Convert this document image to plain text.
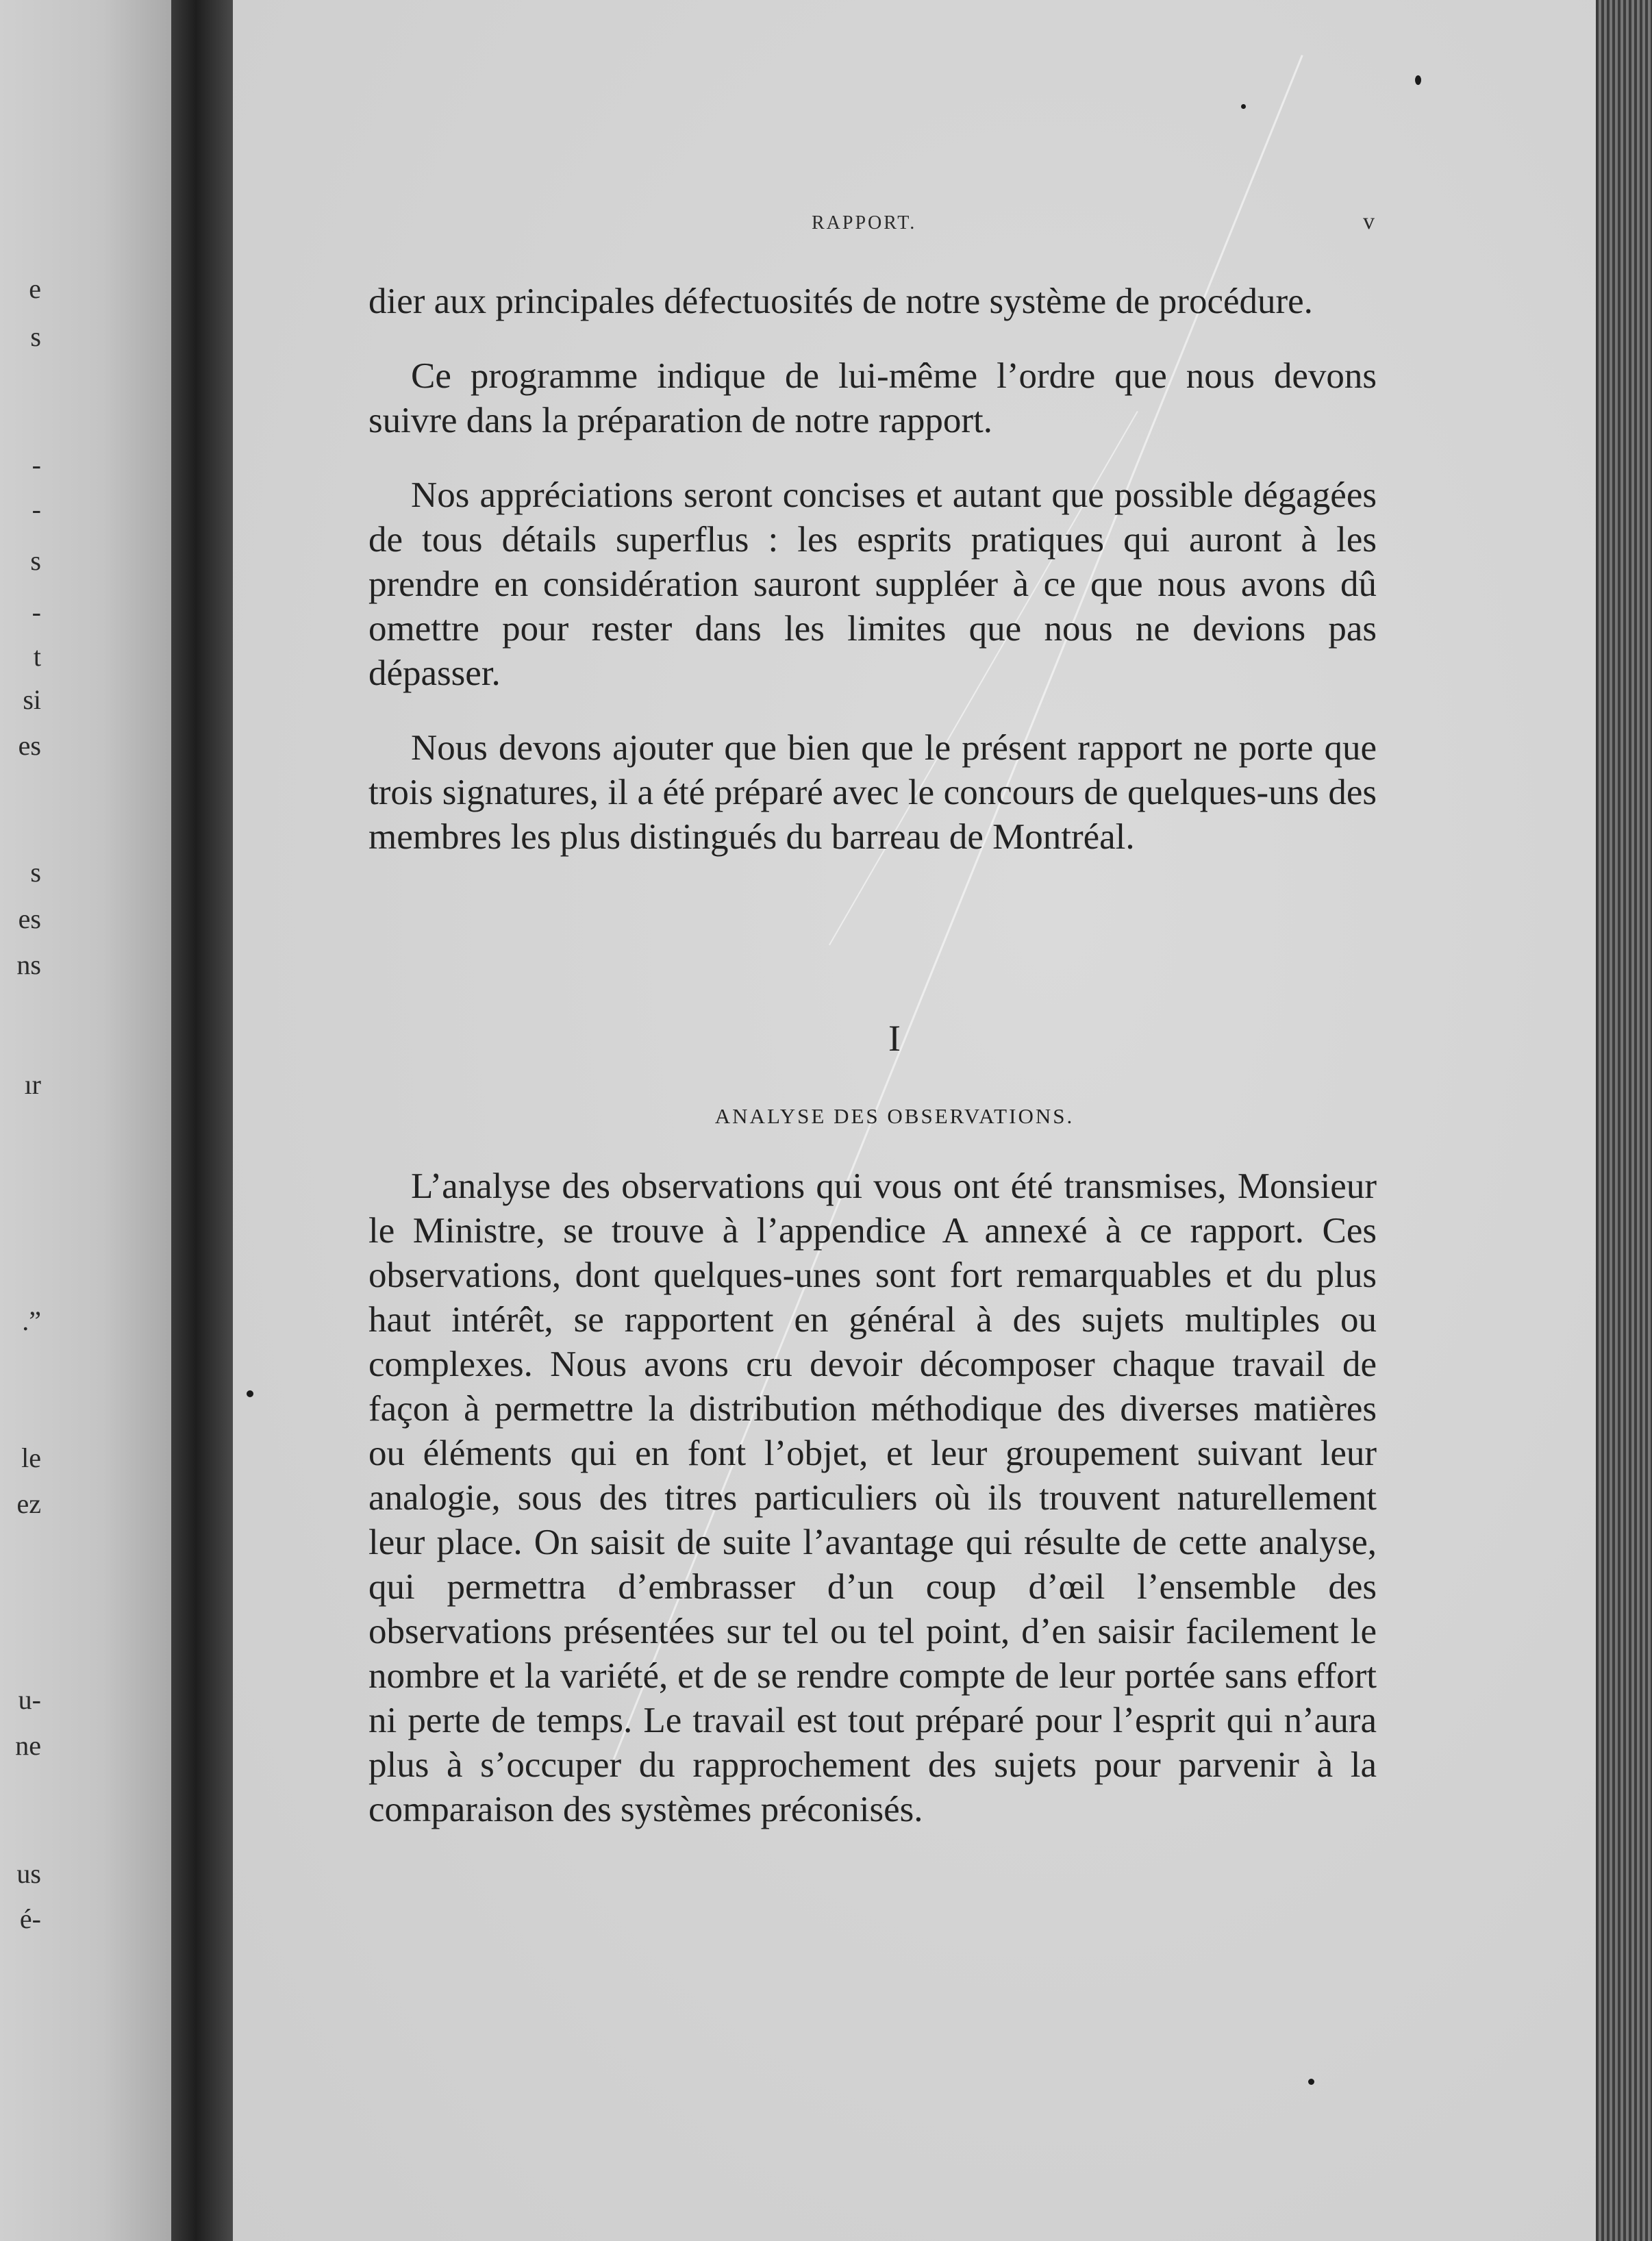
e
s
-
-
s
-
t
si
es
s
es
ns
ır
.”
le
ez
u-
ne
us
é-
RAPPORT.	v

dier aux principales défectuosités de notre système de procédure.

Ce programme indique de lui-même l’ordre que nous devons suivre dans la préparation de notre rapport.

Nos appréciations seront concises et autant que possible dégagées de tous détails superflus : les esprits pratiques qui auront à les prendre en considération sauront suppléer à ce que nous avons dû omettre pour rester dans les limites que nous ne devions pas dépasser.

Nous devons ajouter que bien que le présent rapport ne porte que trois signatures, il a été préparé avec le concours de quelques-uns des membres les plus distingués du barreau de Montréal.

I
ANALYSE DES OBSERVATIONS.

L’analyse des observations qui vous ont été transmises, Monsieur le Ministre, se trouve à l’appendice A annexé à ce rapport. Ces observations, dont quelques-unes sont fort remarquables et du plus haut intérêt, se rapportent en général à des sujets multiples ou complexes. Nous avons cru devoir décomposer chaque travail de façon à permettre la distribution méthodique des diverses matières ou éléments qui en font l’objet, et leur groupement suivant leur analogie, sous des titres particuliers où ils trouvent naturellement leur place. On saisit de suite l’avantage qui résulte de cette analyse, qui permettra d’embrasser d’un coup d’œil l’ensemble des observations présentées sur tel ou tel point, d’en saisir facilement le nombre et la variété, et de se rendre compte de leur portée sans effort ni perte de temps. Le travail est tout préparé pour l’esprit qui n’aura plus à s’occuper du rapprochement des sujets pour parvenir à la comparaison des systèmes préconisés.
